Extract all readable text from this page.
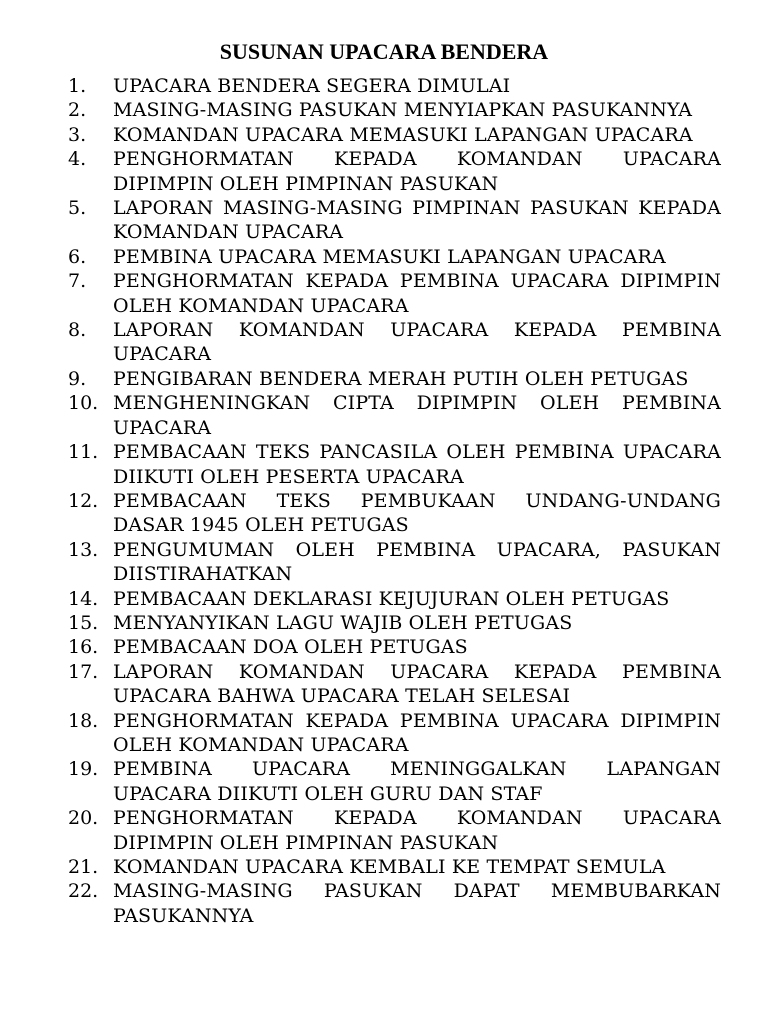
SUSUNAN UPACARA BENDERA
1. UPACARA BENDERA SEGERA DIMULAI
2. MASING-MASING PASUKAN MENYIAPKAN PASUKANNYA
3. KOMANDAN UPACARA MEMASUKI LAPANGAN UPACARA
4. PENGHORMATAN KEPADA KOMANDAN UPACARA DIPIMPIN OLEH PIMPINAN PASUKAN
5. LAPORAN MASING-MASING PIMPINAN PASUKAN KEPADA KOMANDAN UPACARA
6. PEMBINA UPACARA MEMASUKI LAPANGAN UPACARA
7. PENGHORMATAN KEPADA PEMBINA UPACARA DIPIMPIN OLEH KOMANDAN UPACARA
8. LAPORAN KOMANDAN UPACARA KEPADA PEMBINA UPACARA
9. PENGIBARAN BENDERA MERAH PUTIH OLEH PETUGAS
10. MENGHENINGKAN CIPTA DIPIMPIN OLEH PEMBINA UPACARA
11. PEMBACAAN TEKS PANCASILA OLEH PEMBINA UPACARA DIIKUTI OLEH PESERTA UPACARA
12. PEMBACAAN TEKS PEMBUKAAN UNDANG-UNDANG DASAR 1945 OLEH PETUGAS
13. PENGUMUMAN OLEH PEMBINA UPACARA, PASUKAN DIISTIRAHATKAN
14. PEMBACAAN DEKLARASI KEJUJURAN OLEH PETUGAS
15. MENYANYIKAN LAGU WAJIB OLEH PETUGAS
16. PEMBACAAN DOA OLEH PETUGAS
17. LAPORAN KOMANDAN UPACARA KEPADA PEMBINA UPACARA BAHWA UPACARA TELAH SELESAI
18. PENGHORMATAN KEPADA PEMBINA UPACARA DIPIMPIN OLEH KOMANDAN UPACARA
19. PEMBINA UPACARA MENINGGALKAN LAPANGAN UPACARA DIIKUTI OLEH GURU DAN STAF
20. PENGHORMATAN KEPADA KOMANDAN UPACARA DIPIMPIN OLEH PIMPINAN PASUKAN
21. KOMANDAN UPACARA KEMBALI KE TEMPAT SEMULA
22. MASING-MASING PASUKAN DAPAT MEMBUBARKAN PASUKANNYA
